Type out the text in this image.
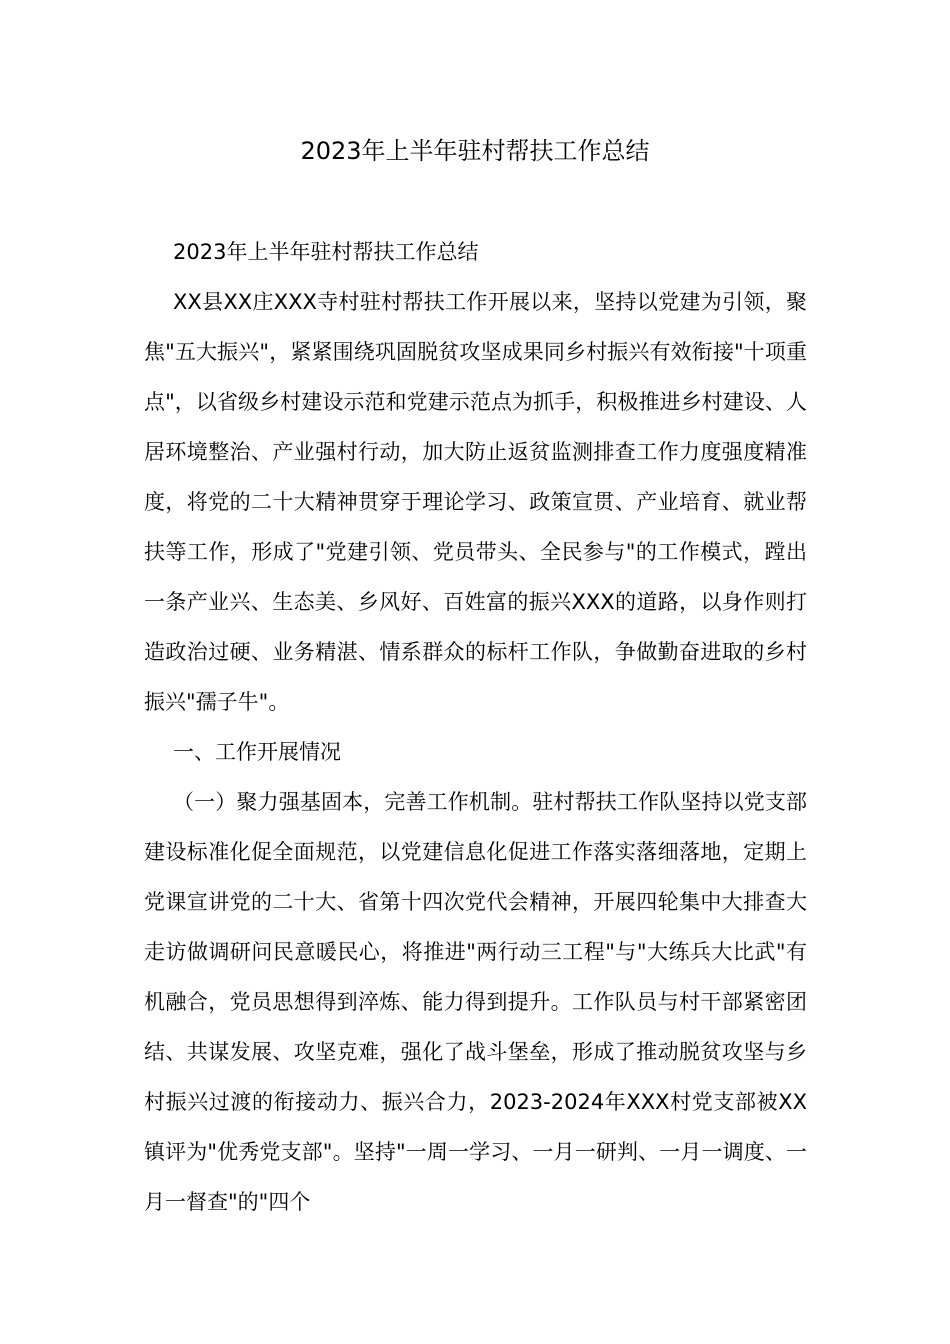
2023年上半年驻村帮扶工作总结

2023年上半年驻村帮扶工作总结

XX县XX庄XXX寺村驻村帮扶工作开展以来，坚持以党建为引领，聚焦"五大振兴"，紧紧围绕巩固脱贫攻坚成果同乡村振兴有效衔接"十项重点"，以省级乡村建设示范和党建示范点为抓手，积极推进乡村建设、人居环境整治、产业强村行动，加大防止返贫监测排查工作力度强度精准度，将党的二十大精神贯穿于理论学习、政策宣贯、产业培育、就业帮扶等工作，形成了"党建引领、党员带头、全民参与"的工作模式，蹚出一条产业兴、生态美、乡风好、百姓富的振兴XXX的道路，以身作则打造政治过硬、业务精湛、情系群众的标杆工作队，争做勤奋进取的乡村振兴"孺子牛"。

一、工作开展情况

（一）聚力强基固本，完善工作机制。驻村帮扶工作队坚持以党支部建设标准化促全面规范，以党建信息化促进工作落实落细落地，定期上党课宣讲党的二十大、省第十四次党代会精神，开展四轮集中大排查大走访做调研问民意暖民心，将推进"两行动三工程"与"大练兵大比武"有机融合，党员思想得到淬炼、能力得到提升。工作队员与村干部紧密团结、共谋发展、攻坚克难，强化了战斗堡垒，形成了推动脱贫攻坚与乡村振兴过渡的衔接动力、振兴合力，2023-2024年XXX村党支部被XX镇评为"优秀党支部"。坚持"一周一学习、一月一研判、一月一调度、一月一督查"的"四个
